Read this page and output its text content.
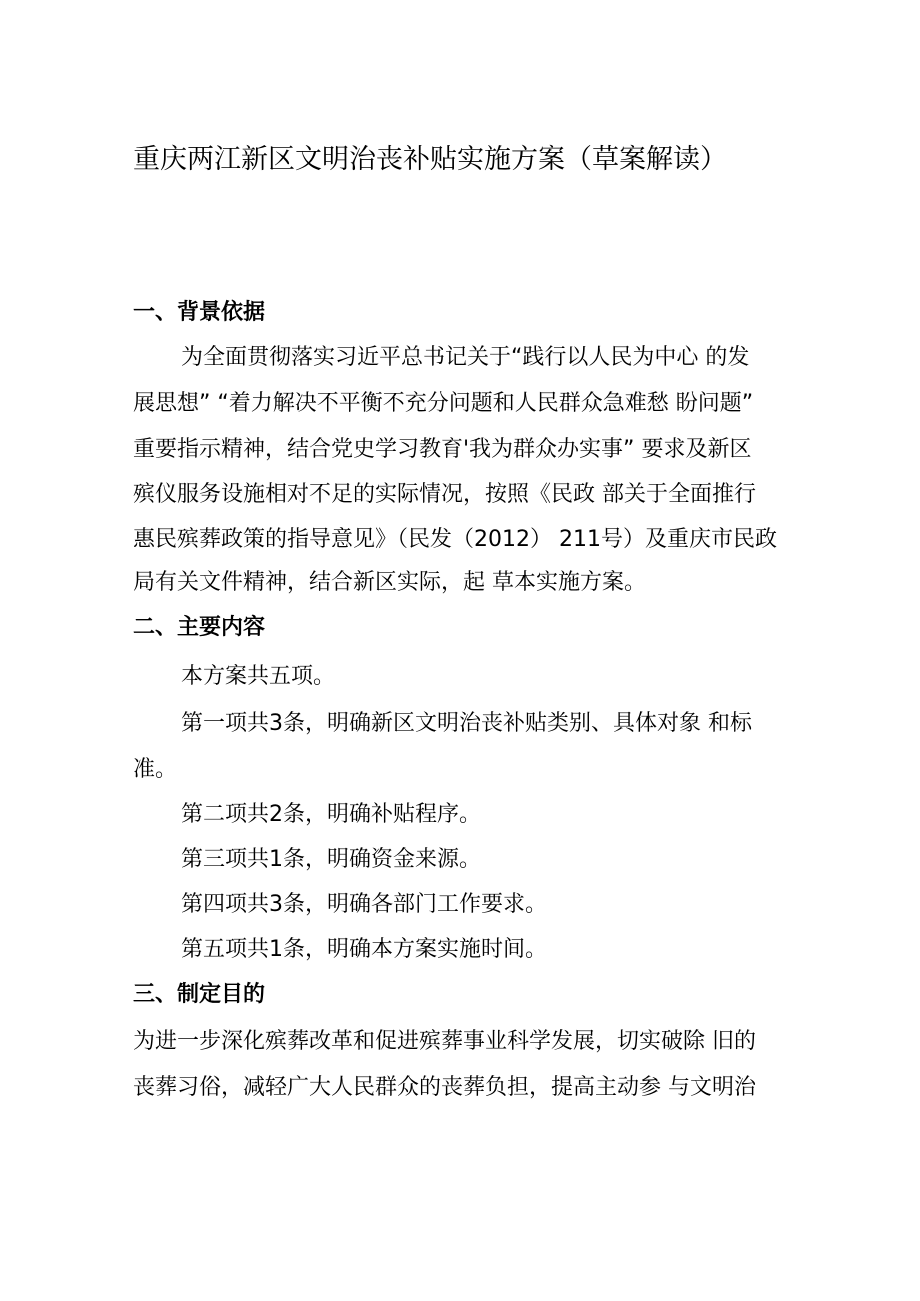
重庆两江新区文明治丧补贴实施方案（草案解读）
一、背景依据
为全面贯彻落实习近平总书记关于“践行以人民为中心 的发
展思想” “着力解决不平衡不充分问题和人民群众急难愁 盼问题”
重要指示精神，结合党史学习教育'我为群众办实事” 要求及新区
殡仪服务设施相对不足的实际情况，按照《民政 部关于全面推行
惠民殡葬政策的指导意见》（民发（2012） 211号）及重庆市民政
局有关文件精神，结合新区实际，起 草本实施方案。
二、主要内容
本方案共五项。
第一项共3条，明确新区文明治丧补贴类别、具体对象 和标
准。
第二项共2条，明确补贴程序。
第三项共1条，明确资金来源。
第四项共3条，明确各部门工作要求。
第五项共1条，明确本方案实施时间。
三、制定目的
为进一步深化殡葬改革和促进殡葬事业科学发展，切实破除 旧的
丧葬习俗，减轻广大人民群众的丧葬负担，提高主动参 与文明治
